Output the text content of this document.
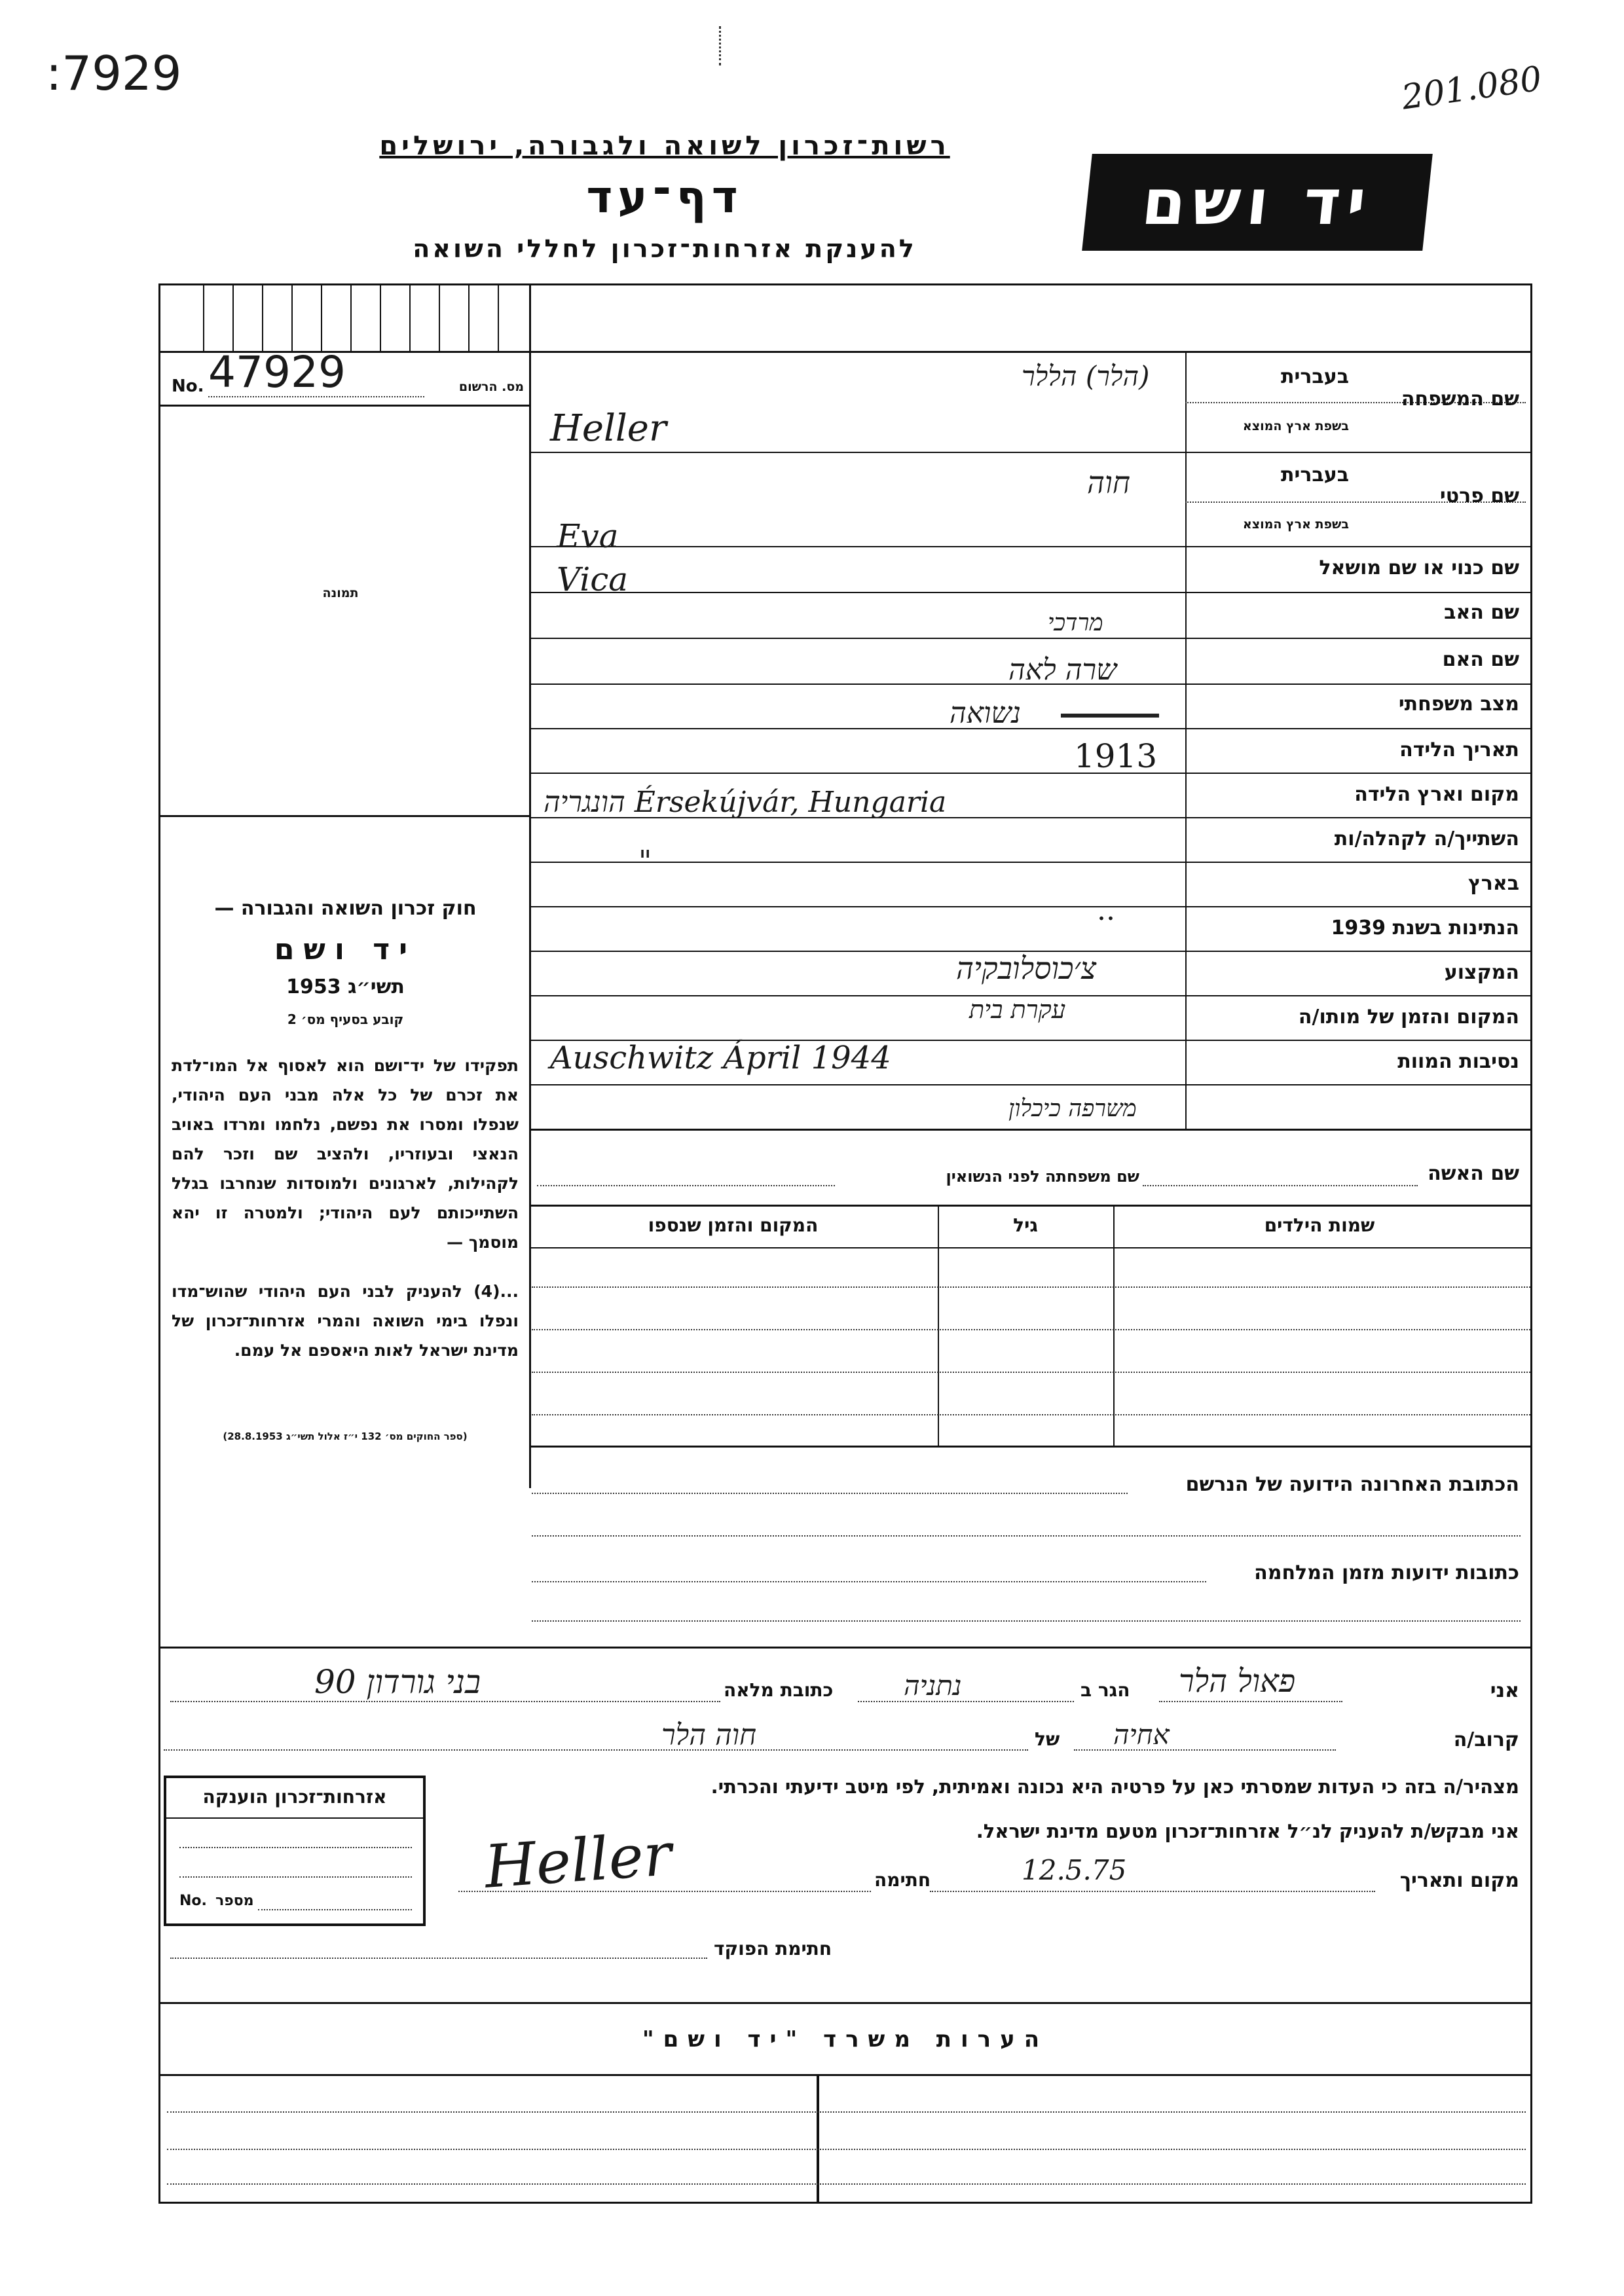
:7929	201.080
רשות־זכרון לשואה ולגבורה, ירושלים
דף־עד
להענקת אזרחות־זכרון לחללי השואה
יד ושם
No. 47929	מס. הרשום
תמונה
חוק זכרון השואה והגבורה —
יד ושם
תשי״ג 1953
קובע בסעיף מס׳ 2
תפקידו של יד־ושם הוא לאסוף אל המו־לדת את זכרם של כל אלה מבני העם היהודי, שנפלו ומסרו את נפשם, נלחמו ומרדו באויב הנאצי ובעוזריו, ולהציב שם וזכר להם לקהילות, לארגונים ולמוסדות שנחרבו בגלל השתייכותם לעם היהודי; ולמטרה זו יהא מוסמך —
...(4) להעניק לבני העם היהודי שהוש־מדו ונפלו בימי השואה והמרי אזרחות־זכרון של מדינת ישראל לאות היאספם אל עמם.
(ספר החוקים מס׳ 132 י״ז אלול תשי״ג 28.8.1953)
שם המשפחה
בעברית
בשפת ארץ המוצא
שם פרטי
בעברית
בשפת ארץ המוצא
שם כנוי או שם מושאל
שם האב
שם האם
מצב משפחתי
תאריך הלידה
מקום וארץ הלידה
השתייך/ה לקהלה/ות
בארץ
הנתינות בשנת 1939
המקצוע
המקום והזמן של מותו/ה
נסיבות המוות
(הלר) הללר
Heller
חוה
Eva
Vica
מרדכי
שרה לאה
נשואה
1913
הונגריה Érsekújvár, Hungaria
"
..
צ׳כוסלובקיה
עקרת בית
Auschwitz Ápril 1944
משרפה כיכלון
שם האשה
שם משפחתה לפני הנשואין
שמות הילדים
גיל
המקום והזמן שנספו
הכתובת האחרונה הידועה של הנרשם
כתובות ידועות מזמן המלחמה
אני
פאול הלר
הגר ב
נתניה
כתובת מלאה
בני גורדון 90
קרוב/ה
אחיה
של
חוה הלר
מצהיר/ה בזה כי העדות שמסרתי כאן על פרטיה היא נכונה ואמיתית, לפי מיטב ידיעתי והכרתי.
אני מבקש/ת להעניק לנ״ל אזרחות־זכרון מטעם מדינת ישראל.
מקום ותאריך
12.5.75
חתימה
Heller
חתימת הפוקד
אזרחות־זכרון הוענקה
No. מספר
הערות משרד "יד ושם"
